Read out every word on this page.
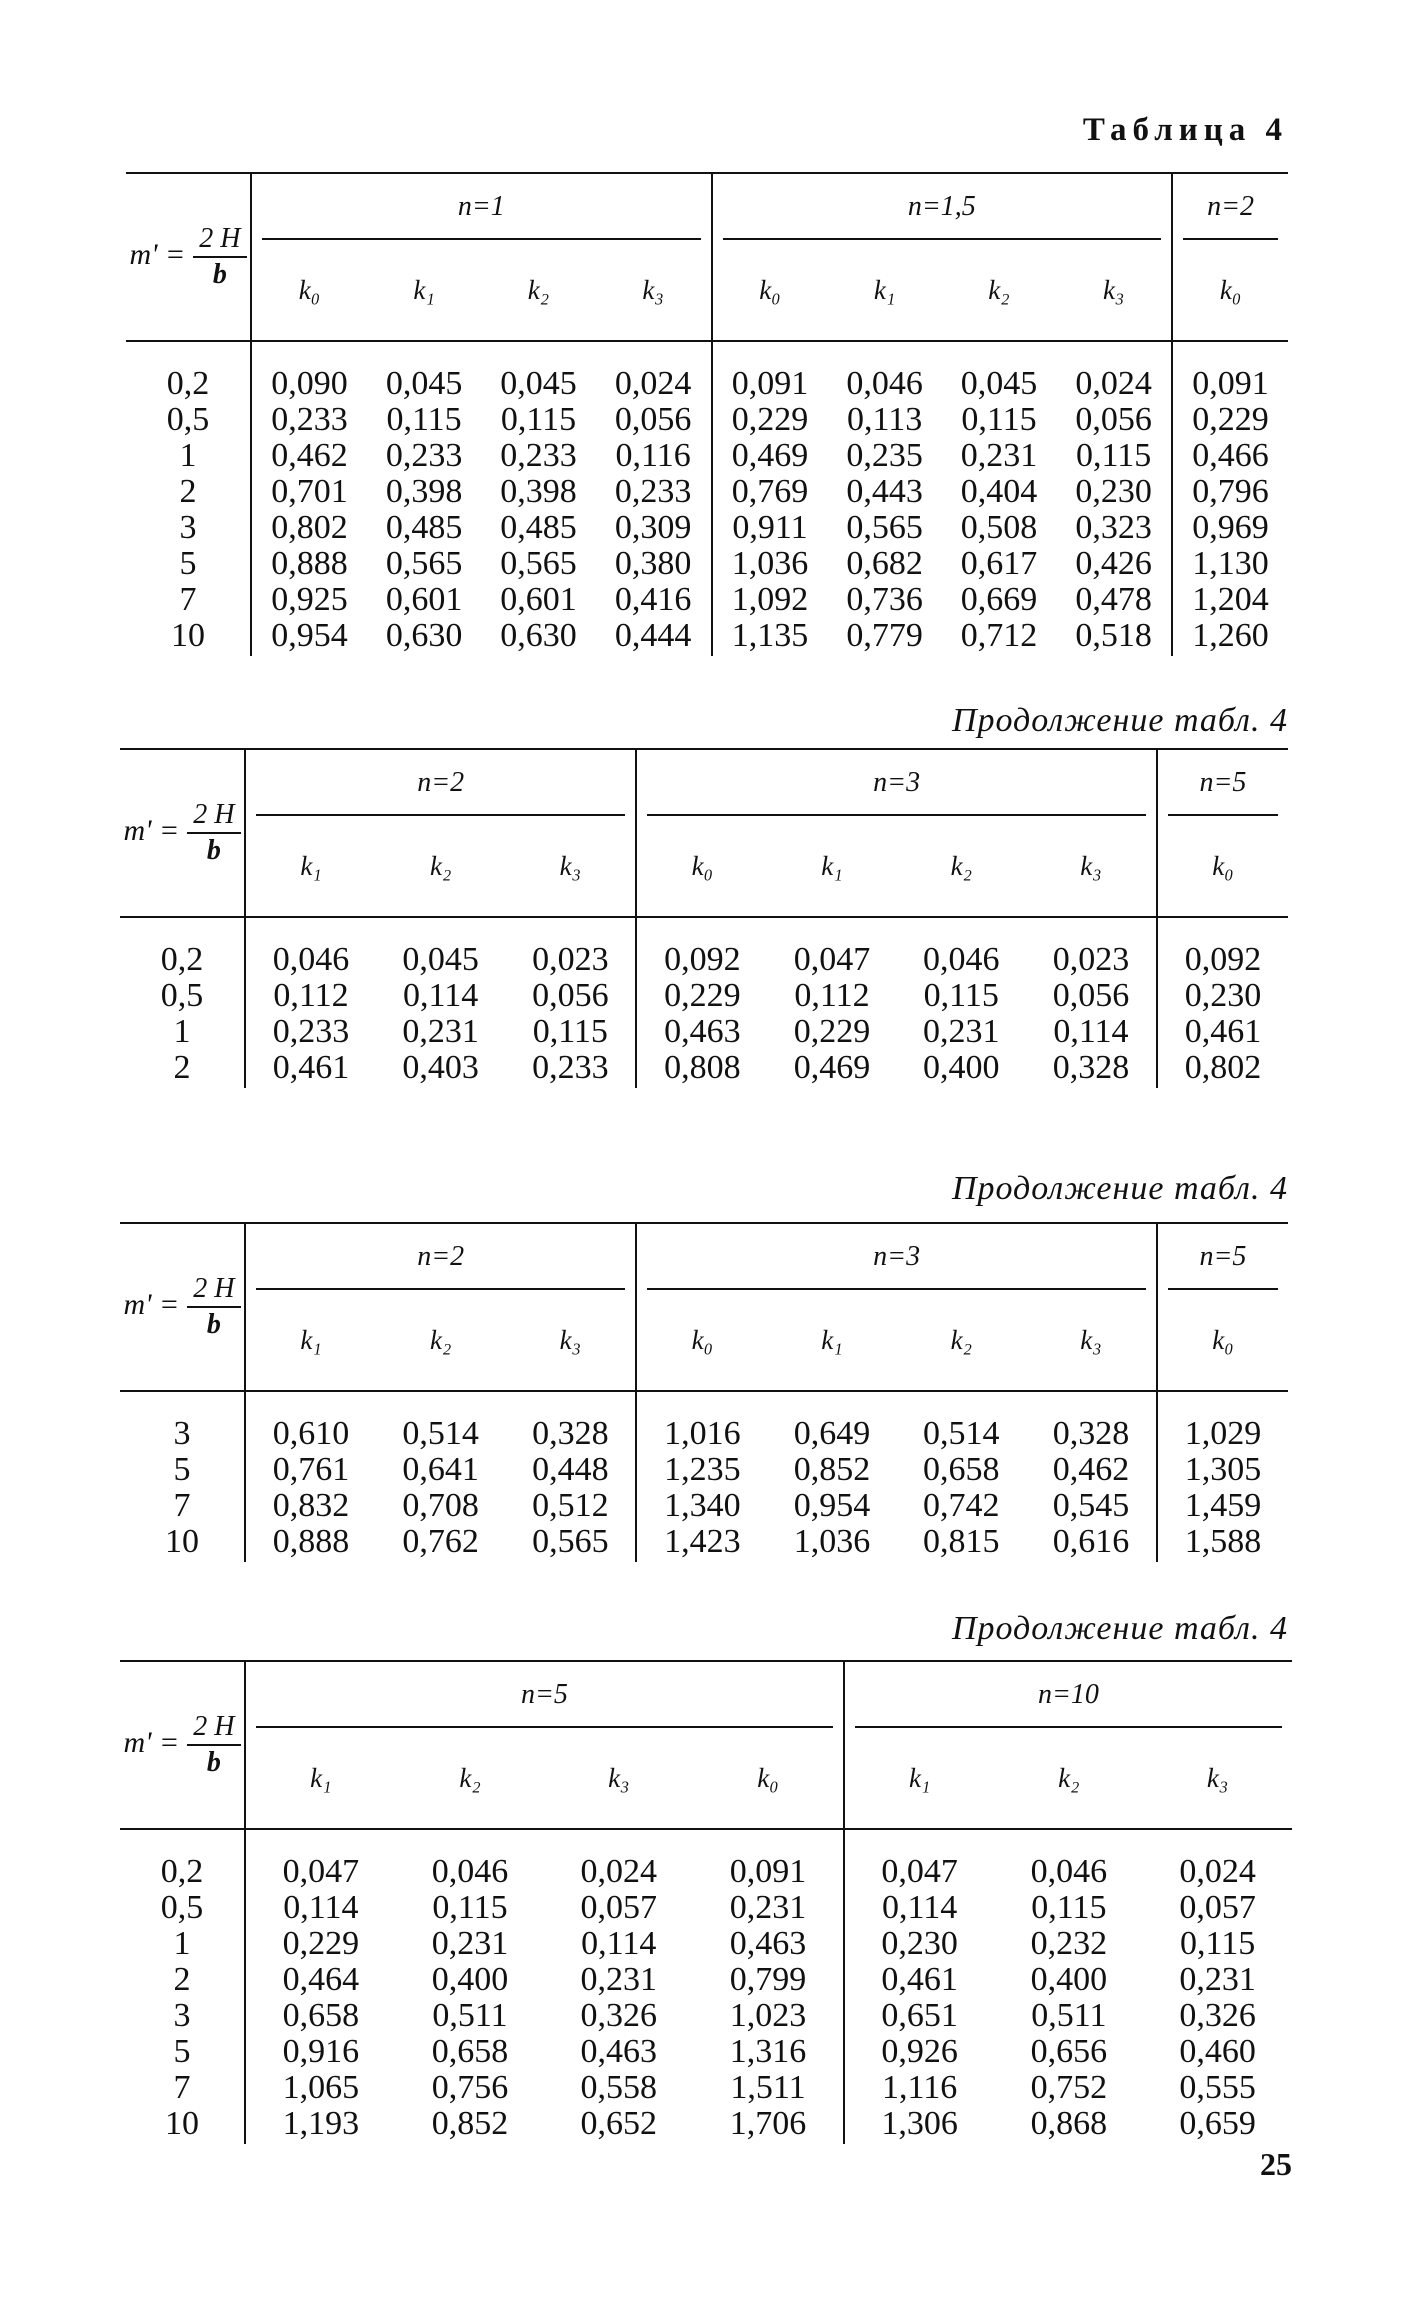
Таблица 4
$m' = \frac{2 H}{b}$	n=1				n=1,5				n=2
	k₀	k₁	k₂	k₃	k₀	k₁	k₂	k₃	k₀
0,2	0,090	0,045	0,045	0,024	0,091	0,046	0,045	0,024	0,091
0,5	0,233	0,115	0,115	0,056	0,229	0,113	0,115	0,056	0,229
1	0,462	0,233	0,233	0,116	0,469	0,235	0,231	0,115	0,466
2	0,701	0,398	0,398	0,233	0,769	0,443	0,404	0,230	0,796
3	0,802	0,485	0,485	0,309	0,911	0,565	0,508	0,323	0,969
5	0,888	0,565	0,565	0,380	1,036	0,682	0,617	0,426	1,130
7	0,925	0,601	0,601	0,416	1,092	0,736	0,669	0,478	1,204
10	0,954	0,630	0,630	0,444	1,135	0,779	0,712	0,518	1,260
Продолжение табл. 4
$m' = \frac{2 H}{b}$	n=2			n=3				n=5
	k₁	k₂	k₃	k₀	k₁	k₂	k₃	k₀
0,2	0,046	0,045	0,023	0,092	0,047	0,046	0,023	0,092
0,5	0,112	0,114	0,056	0,229	0,112	0,115	0,056	0,230
1	0,233	0,231	0,115	0,463	0,229	0,231	0,114	0,461
2	0,461	0,403	0,233	0,808	0,469	0,400	0,328	0,802
Продолжение табл. 4
$m' = \frac{2 H}{b}$	n=2			n=3				n=5
	k₁	k₂	k₃	k₀	k₁	k₂	k₃	k₀
3	0,610	0,514	0,328	1,016	0,649	0,514	0,328	1,029
5	0,761	0,641	0,448	1,235	0,852	0,658	0,462	1,305
7	0,832	0,708	0,512	1,340	0,954	0,742	0,545	1,459
10	0,888	0,762	0,565	1,423	1,036	0,815	0,616	1,588
Продолжение табл. 4
$m' = \frac{2 H}{b}$	n=5				n=10		
	k₁	k₂	k₃	k₀	k₁	k₂	k₃
0,2	0,047	0,046	0,024	0,091	0,047	0,046	0,024
0,5	0,114	0,115	0,057	0,231	0,114	0,115	0,057
1	0,229	0,231	0,114	0,463	0,230	0,232	0,115
2	0,464	0,400	0,231	0,799	0,461	0,400	0,231
3	0,658	0,511	0,326	1,023	0,651	0,511	0,326
5	0,916	0,658	0,463	1,316	0,926	0,656	0,460
7	1,065	0,756	0,558	1,511	1,116	0,752	0,555
10	1,193	0,852	0,652	1,706	1,306	0,868	0,659
25
